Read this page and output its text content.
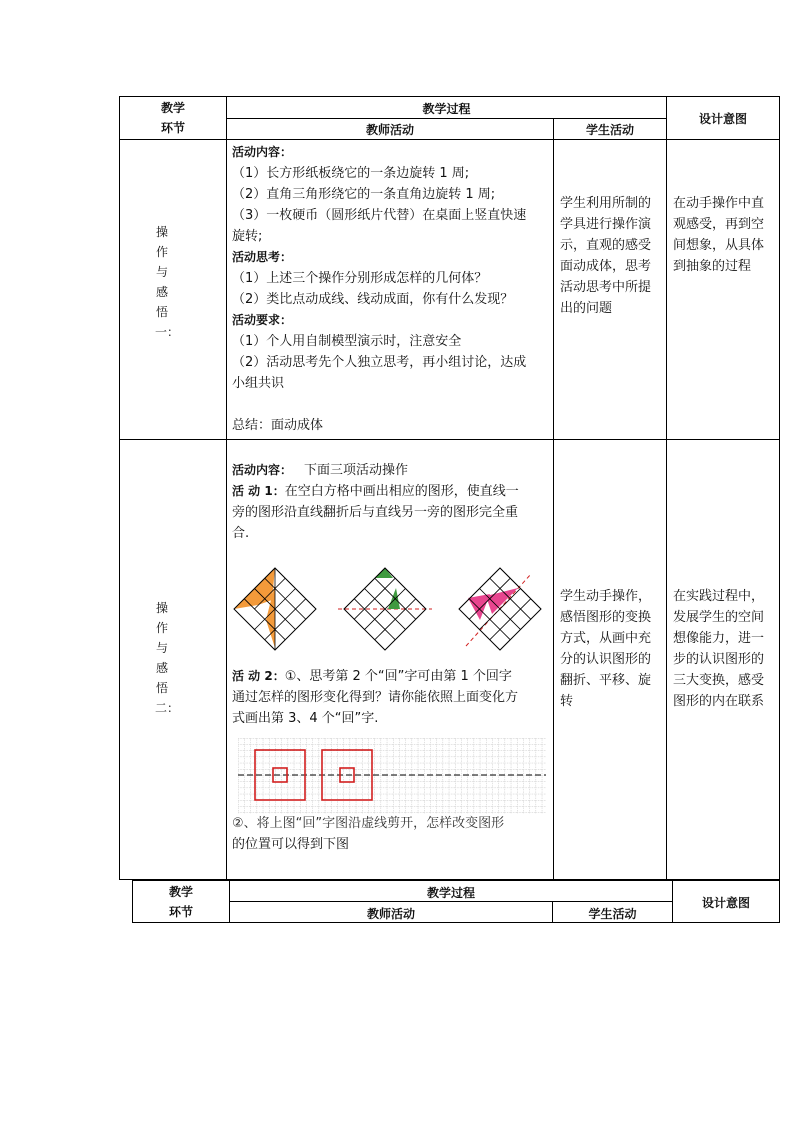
教学
环节
教学过程
教师活动	学生活动
设计意图
操
作
与
感
悟
一：

活动内容：

（1）长方形纸板绕它的一条边旋转 1 周;

（2）直角三角形绕它的一条直角边旋转 1 周;

（3）一枚硬币（圆形纸片代替）在桌面上竖直快速

旋转;

活动思考：

（1）上述三个操作分别形成怎样的几何体？

（2）类比点动成线、线动成面，你有什么发现？

活动要求：

（1）个人用自制模型演示时，注意安全

（2）活动思考先个人独立思考，再小组讨论，达成

小组共识

总结：面动成体

学生利用所制的

学具进行操作演

示，直观的感受

面动成体，思考

活动思考中所提

出的问题

在动手操作中直

观感受，再到空

间想象，从具体

到抽象的过程

操
作
与
感
悟
二：

活动内容： 下面三项活动操作

活 动 1：在空白方格中画出相应的图形，使直线一

旁的图形沿直线翻折后与直线另一旁的图形完全重

合.

活 动 2：①、思考第 2 个“回”字可由第 1 个回字

通过怎样的图形变化得到？请你能依照上面变化方

式画出第 3、4 个“回”字.

②、将上图“回”字图沿虚线剪开，怎样改变图形

的位置可以得到下图

学生动手操作，

感悟图形的变换

方式，从画中充

分的认识图形的

翻折、平移、旋

转

在实践过程中，

发展学生的空间

想像能力，进一

步的认识图形的

三大变换，感受

图形的内在联系

教学
环节
教学过程
教师活动	学生活动
设计意图
